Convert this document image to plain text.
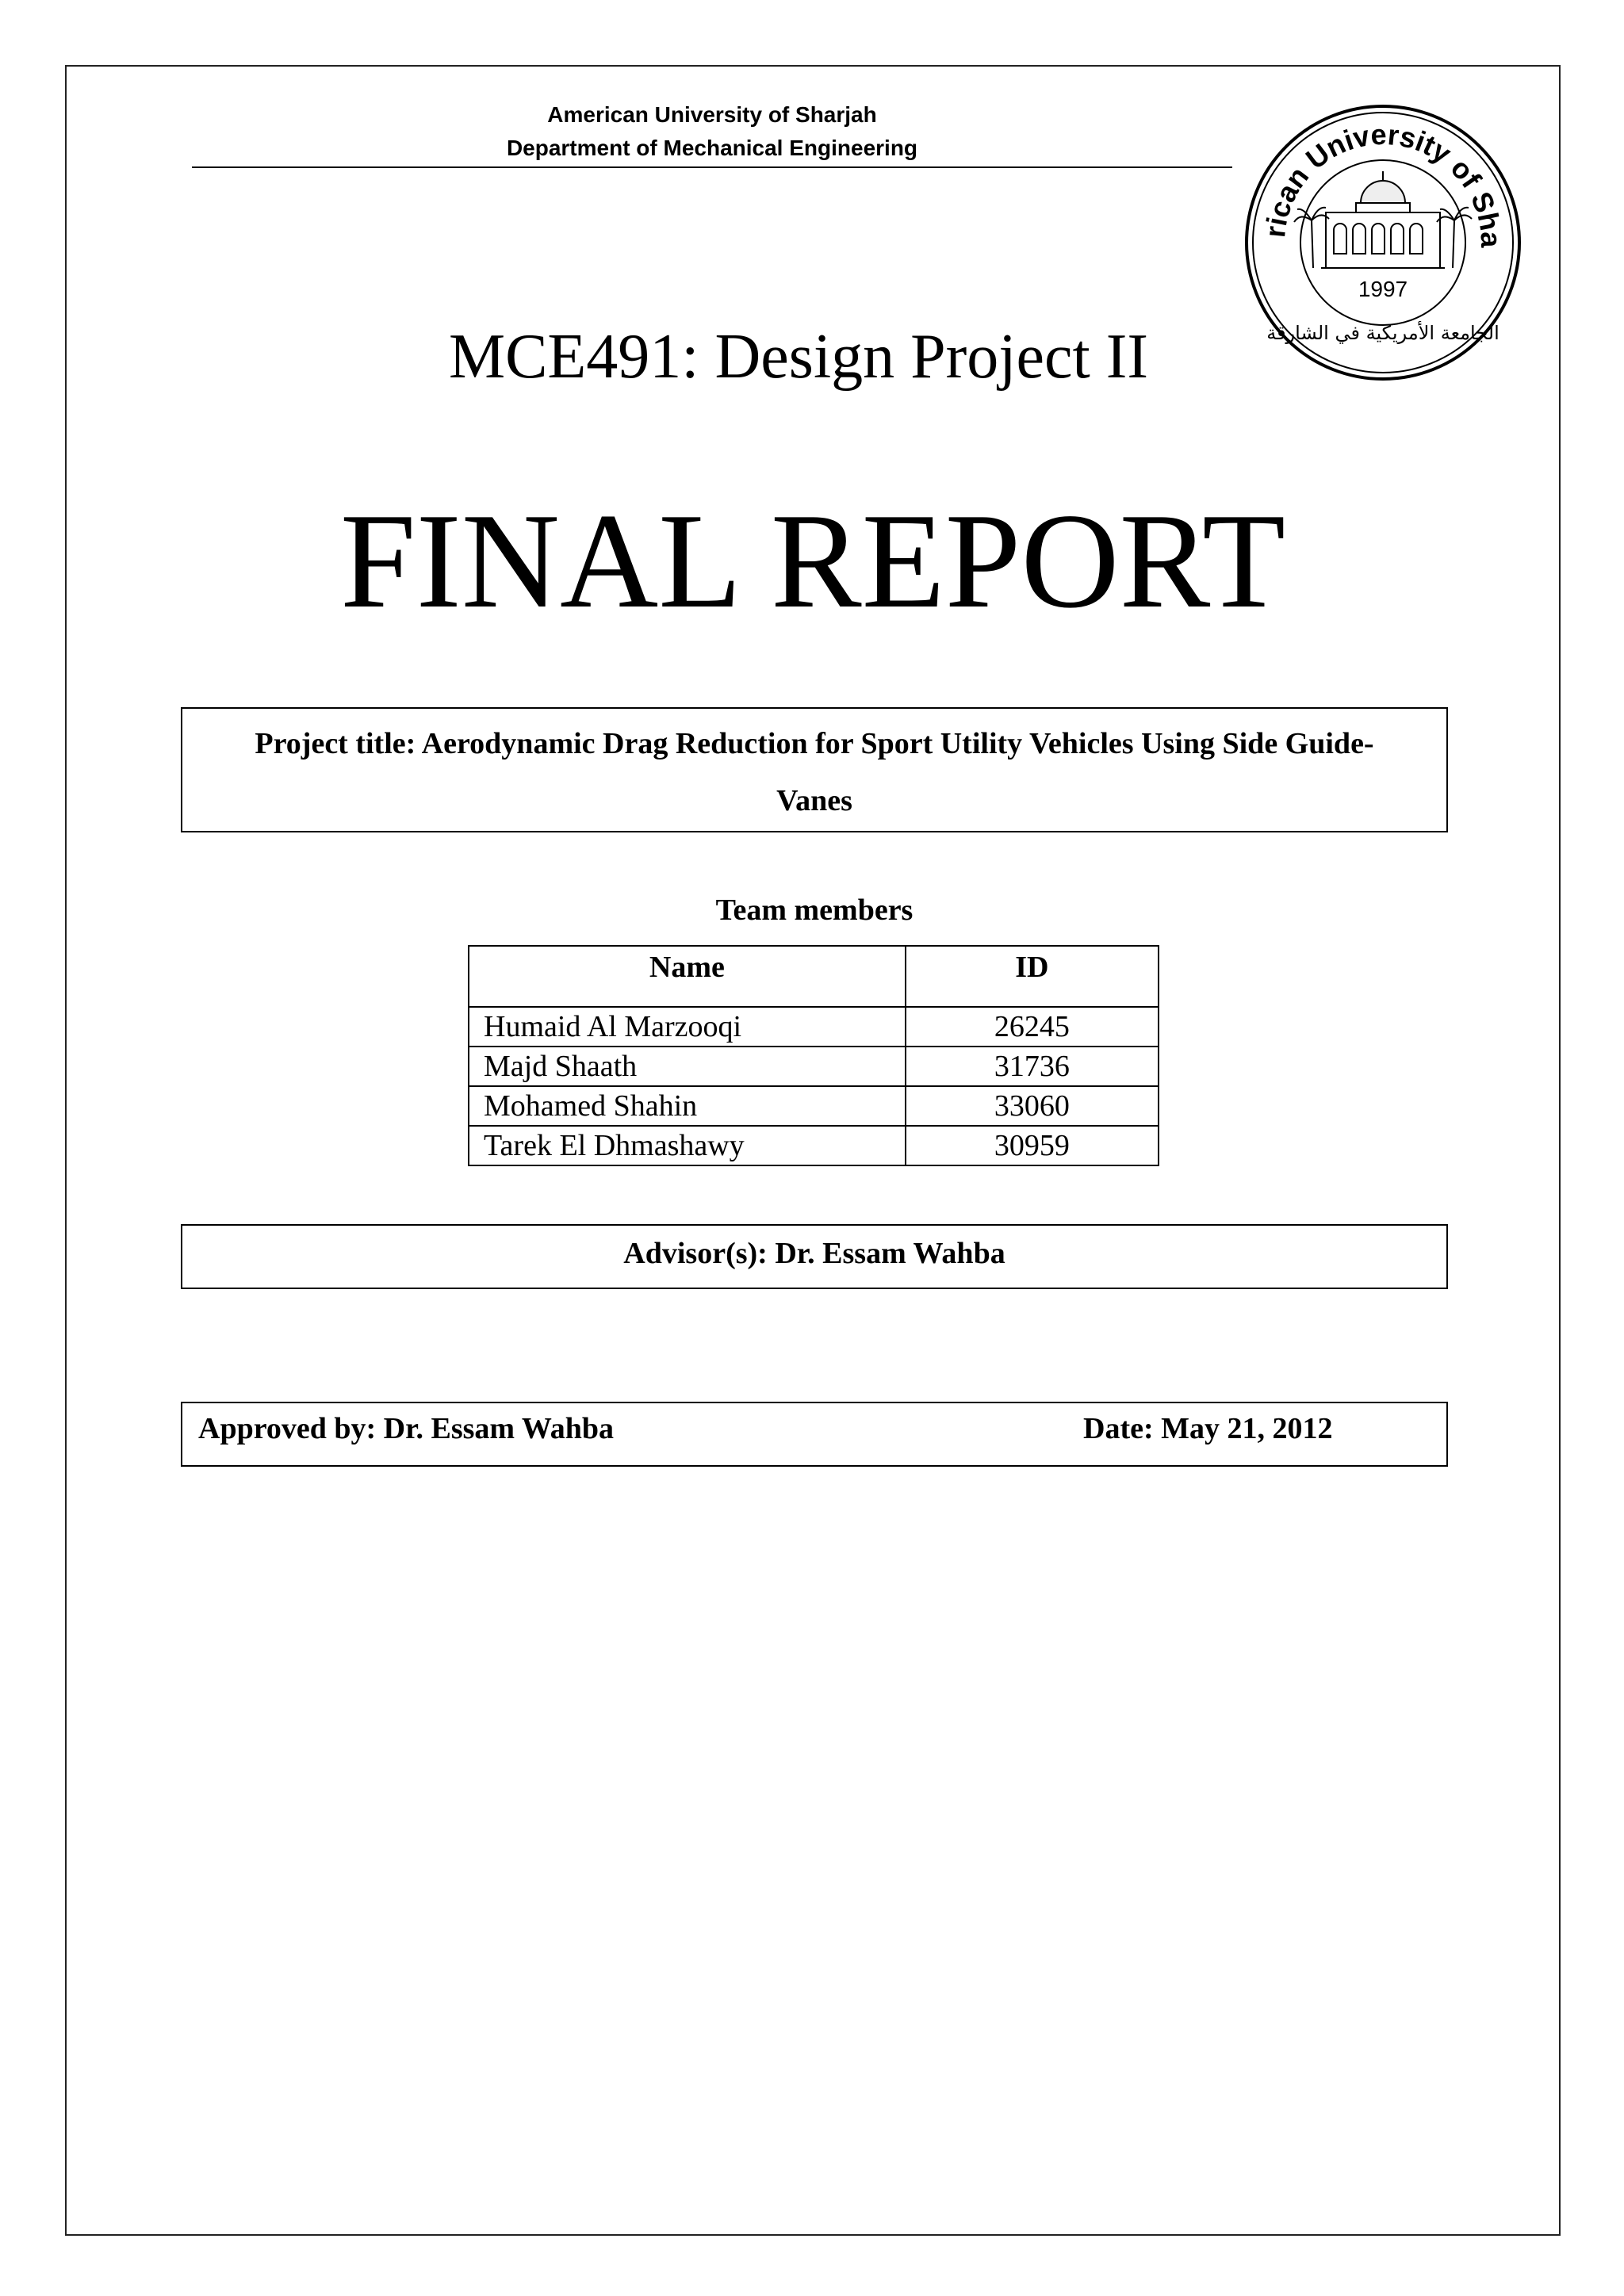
American University of Sharjah
Department of Mechanical Engineering
rican University of Sha
الجامعة الأمريكية في الشارقة
1997
MCE491: Design Project II
FINAL REPORT
Project title: Aerodynamic Drag Reduction for Sport Utility Vehicles Using Side Guide-
Vanes
Team members
Name	ID
Humaid Al Marzooqi	26245
Majd Shaath	31736
Mohamed Shahin	33060
Tarek El Dhmashawy	30959
Advisor(s): Dr. Essam Wahba
Approved by: Dr. Essam Wahba	Date: May 21, 2012
